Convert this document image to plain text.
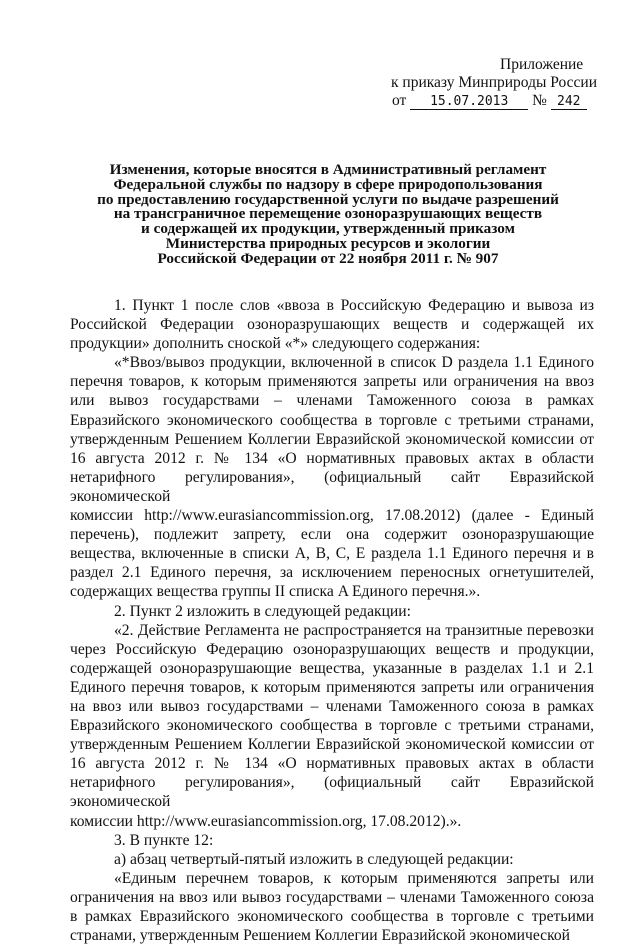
Приложение
к приказу Минприроды России
от 15.07.2013 № 242
Изменения, которые вносятся в Административный регламент
Федеральной службы по надзору в сфере природопользования
по предоставлению государственной услуги по выдаче разрешений
на трансграничное перемещение озоноразрушающих веществ
и содержащей их продукции, утвержденный приказом
Министерства природных ресурсов и экологии
Российской Федерации от 22 ноября 2011 г. № 907

1. Пункт 1 после слов «ввоза в Российскую Федерацию и вывоза из
Российской Федерации озоноразрушающих веществ и содержащей их
продукции» дополнить сноской «*» следующего содержания:

«*Ввоз/вывоз продукции, включенной в список D раздела 1.1 Единого
перечня товаров, к которым применяются запреты или ограничения на ввоз
или вывоз государствами – членами Таможенного союза в рамках
Евразийского экономического сообщества в торговле с третьими странами,
утвержденным Решением Коллегии Евразийской экономической комиссии от
16 августа 2012 г. № 134 «О нормативных правовых актах в области
нетарифного регулирования», (официальный сайт Евразийской экономической
комиссии http://www.eurasiancommission.org, 17.08.2012) (далее - Единый
перечень), подлежит запрету, если она содержит озоноразрушающие
вещества, включенные в списки A, B, C, E раздела 1.1 Единого перечня и в
раздел 2.1 Единого перечня, за исключением переносных огнетушителей,
содержащих вещества группы II списка A Единого перечня.».

2. Пункт 2 изложить в следующей редакции:

«2. Действие Регламента не распространяется на транзитные перевозки
через Российскую Федерацию озоноразрушающих веществ и продукции,
содержащей озоноразрушающие вещества, указанные в разделах 1.1 и 2.1
Единого перечня товаров, к которым применяются запреты или ограничения
на ввоз или вывоз государствами – членами Таможенного союза в рамках
Евразийского экономического сообщества в торговле с третьими странами,
утвержденным Решением Коллегии Евразийской экономической комиссии от
16 августа 2012 г. № 134 «О нормативных правовых актах в области
нетарифного регулирования», (официальный сайт Евразийской экономической
комиссии http://www.eurasiancommission.org, 17.08.2012).».

3. В пункте 12:

а) абзац четвертый-пятый изложить в следующей редакции:

«Единым перечнем товаров, к которым применяются запреты или
ограничения на ввоз или вывоз государствами – членами Таможенного союза
в рамках Евразийского экономического сообщества в торговле с третьими
странами, утвержденным Решением Коллегии Евразийской экономической
